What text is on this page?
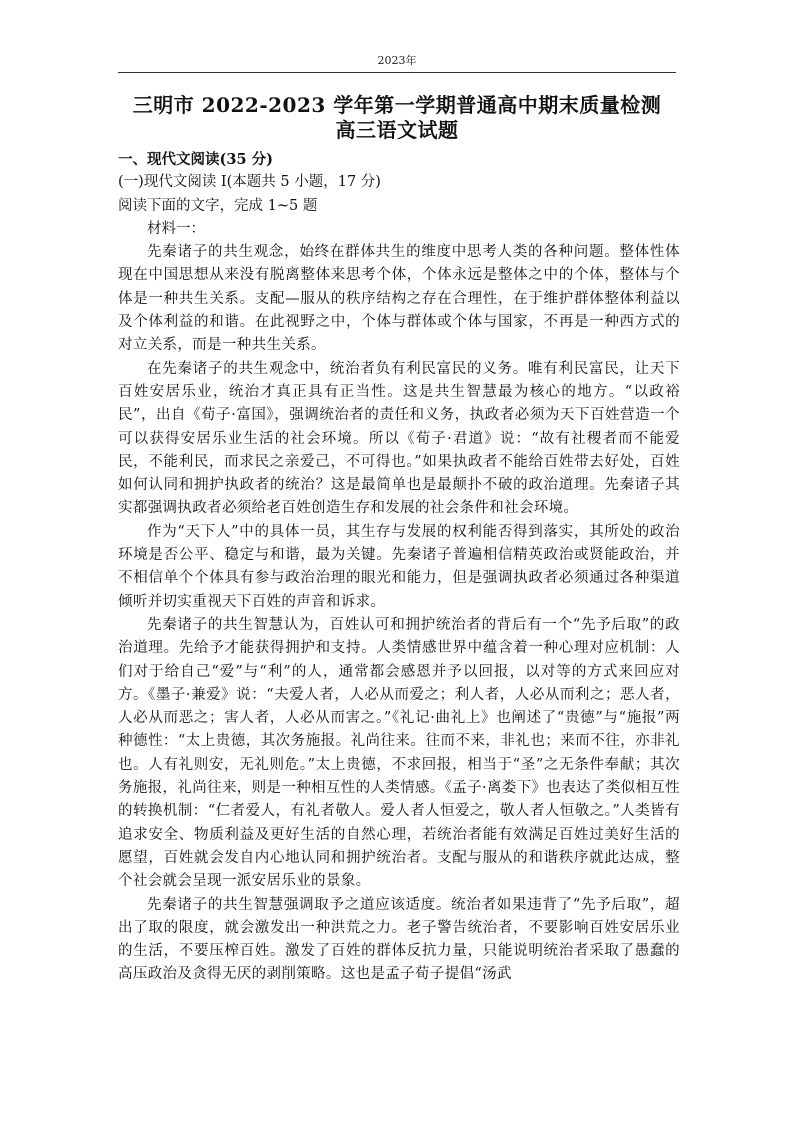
2023年
三明市 2022-2023 学年第一学期普通高中期末质量检测
高三语文试题

一、现代文阅读(35 分)

(一)现代文阅读 I(本题共 5 小题，17 分)

阅读下面的文字，完成 1~5 题

材料一：

先秦诸子的共生观念，始终在群体共生的维度中思考人类的各种问题。整体性体现在中国思想从来没有脱离整体来思考个体，个体永远是整体之中的个体，整体与个体是一种共生关系。支配—服从的秩序结构之存在合理性，在于维护群体整体利益以及个体利益的和谐。在此视野之中，个体与群体或个体与国家，不再是一种西方式的对立关系，而是一种共生关系。

在先秦诸子的共生观念中，统治者负有利民富民的义务。唯有利民富民，让天下百姓安居乐业，统治才真正具有正当性。这是共生智慧最为核心的地方。“以政裕民”，出自《荀子·富国》，强调统治者的责任和义务，执政者必须为天下百姓营造一个可以获得安居乐业生活的社会环境。所以《荀子·君道》说：“故有社稷者而不能爱民，不能利民，而求民之亲爱己，不可得也。”如果执政者不能给百姓带去好处，百姓如何认同和拥护执政者的统治？这是最简单也是最颠扑不破的政治道理。先秦诸子其实都强调执政者必须给老百姓创造生存和发展的社会条件和社会环境。

作为“天下人”中的具体一员，其生存与发展的权利能否得到落实，其所处的政治环境是否公平、稳定与和谐，最为关键。先秦诸子普遍相信精英政治或贤能政治，并不相信单个个体具有参与政治治理的眼光和能力，但是强调执政者必须通过各种渠道倾听并切实重视天下百姓的声音和诉求。

先秦诸子的共生智慧认为，百姓认可和拥护统治者的背后有一个“先予后取”的政治道理。先给予才能获得拥护和支持。人类情感世界中蕴含着一种心理对应机制：人们对于给自己“爱”与“利”的人，通常都会感恩并予以回报，以对等的方式来回应对方。《墨子·兼爱》说：“夫爱人者，人必从而爱之；利人者，人必从而利之；恶人者，人必从而恶之；害人者，人必从而害之。”《礼记·曲礼上》也阐述了“贵德”与“施报”两种德性：“太上贵德，其次务施报。礼尚往来。往而不来，非礼也；来而不往，亦非礼也。人有礼则安，无礼则危。”太上贵德，不求回报，相当于“圣”之无条件奉献；其次务施报，礼尚往来，则是一种相互性的人类情感。《孟子·离娄下》也表达了类似相互性的转换机制：“仁者爱人，有礼者敬人。爱人者人恒爱之，敬人者人恒敬之。”人类皆有追求安全、物质利益及更好生活的自然心理，若统治者能有效满足百姓过美好生活的愿望，百姓就会发自内心地认同和拥护统治者。支配与服从的和谐秩序就此达成，整个社会就会呈现一派安居乐业的景象。

先秦诸子的共生智慧强调取予之道应该适度。统治者如果违背了“先予后取”，超出了取的限度，就会激发出一种洪荒之力。老子警告统治者，不要影响百姓安居乐业的生活，不要压榨百姓。激发了百姓的群体反抗力量，只能说明统治者采取了愚蠢的高压政治及贪得无厌的剥削策略。这也是孟子荀子提倡“汤武
